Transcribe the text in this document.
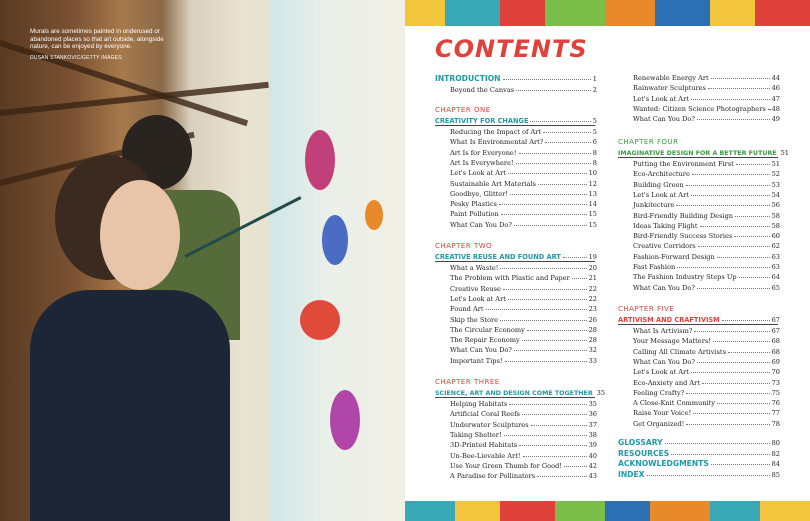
Murals are sometimes painted in underused or abandoned places so that art outside, alongside nature, can be enjoyed by everyone.
DUSAN STANKOVIC/GETTY IMAGES	CONTENTS
INTRODUCTION	1
Beyond the Canvas	2
CHAPTER ONE
CREATIVITY FOR CHANGE	5
Reducing the Impact of Art	5
What Is Environmental Art?	6
Art Is for Everyone!	8
Art Is Everywhere!	8
Let's Look at Art	10
Sustainable Art Materials	12
Goodbye, Glitter!	13
Pesky Plastics	14
Paint Pollution	15
What Can You Do?	15
CHAPTER TWO
CREATIVE REUSE AND FOUND ART	19
What a Waste!	20
The Problem with Plastic and Paper	21
Creative Reuse	22
Let's Look at Art	22
Found Art	23
Skip the Store	26
The Circular Economy	28
The Repair Economy	28
What Can You Do?	32
Important Tips!	33
CHAPTER THREE
SCIENCE, ART AND DESIGN COME TOGETHER 35
Helping Habitats	35
Artificial Coral Reefs	36
Underwater Sculptures	37
Taking Shelter!	38
3D-Printed Habitats	39
Un-Bee-Lievable Art!	40
Use Your Green Thumb for Good!	42
A Paradise for Pollinators	43
Renewable Energy Art	44
Rainwater Sculptures	46
Let's Look at Art	47
Wanted: Citizen Science Photographers 48
What Can You Do?	49
CHAPTER FOUR
IMAGINATIVE DESIGN FOR A BETTER FUTURE 51
Putting the Environment First	51
Eco-Architecture	52
Building Green	53
Let's Look at Art	54
Junkitecture	56
Bird-Friendly Building Design	58
Ideas Taking Flight	58
Bird-Friendly Success Stories	60
Creative Corridors	62
Fashion-Forward Design	63
Fast Fashion	63
The Fashion Industry Steps Up	64
What Can You Do?	65
CHAPTER FIVE
ARTIVISM AND CRAFTIVISM	67
What Is Artivism?	67
Your Message Matters!	68
Calling All Climate Artivists	68
What Can You Do?	69
Let's Look at Art	70
Eco-Anxiety and Art	73
Feeling Crafty?	75
A Close-Knit Community	76
Raise Your Voice!	77
Get Organized!	78
GLOSSARY	80
RESOURCES	82
ACKNOWLEDGMENTS	84
INDEX	85
